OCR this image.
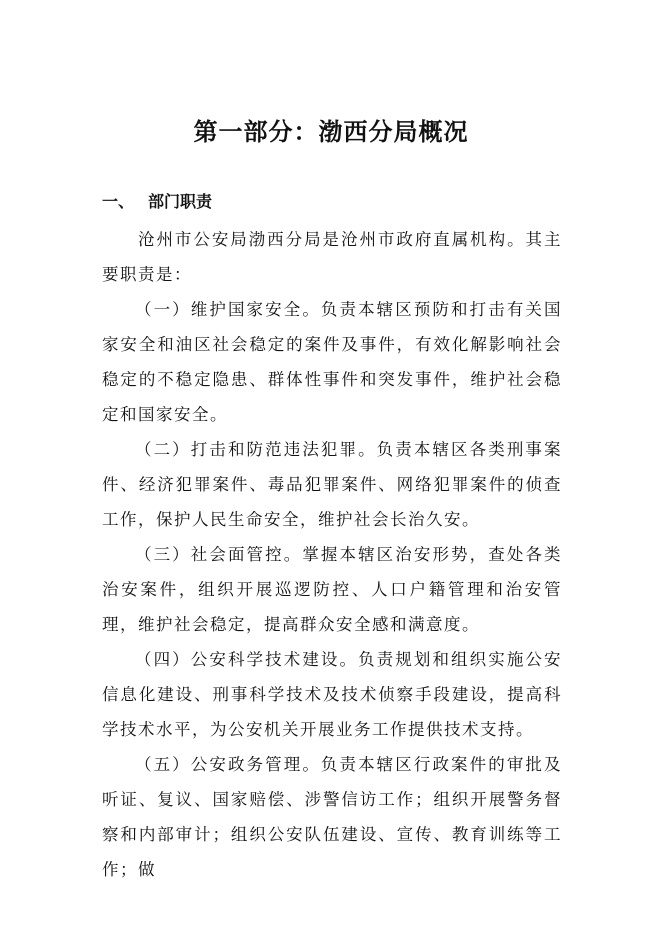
第一部分：渤西分局概况
一、 部门职责

沧州市公安局渤西分局是沧州市政府直属机构。其主要职责是：

（一）维护国家安全。负责本辖区预防和打击有关国家安全和油区社会稳定的案件及事件，有效化解影响社会稳定的不稳定隐患、群体性事件和突发事件，维护社会稳定和国家安全。

（二）打击和防范违法犯罪。负责本辖区各类刑事案件、经济犯罪案件、毒品犯罪案件、网络犯罪案件的侦查工作，保护人民生命安全，维护社会长治久安。

（三）社会面管控。掌握本辖区治安形势，查处各类治安案件，组织开展巡逻防控、人口户籍管理和治安管理，维护社会稳定，提高群众安全感和满意度。

（四）公安科学技术建设。负责规划和组织实施公安信息化建设、刑事科学技术及技术侦察手段建设，提高科学技术水平，为公安机关开展业务工作提供技术支持。

（五）公安政务管理。负责本辖区行政案件的审批及听证、复议、国家赔偿、涉警信访工作；组织开展警务督察和内部审计；组织公安队伍建设、宣传、教育训练等工作；做
